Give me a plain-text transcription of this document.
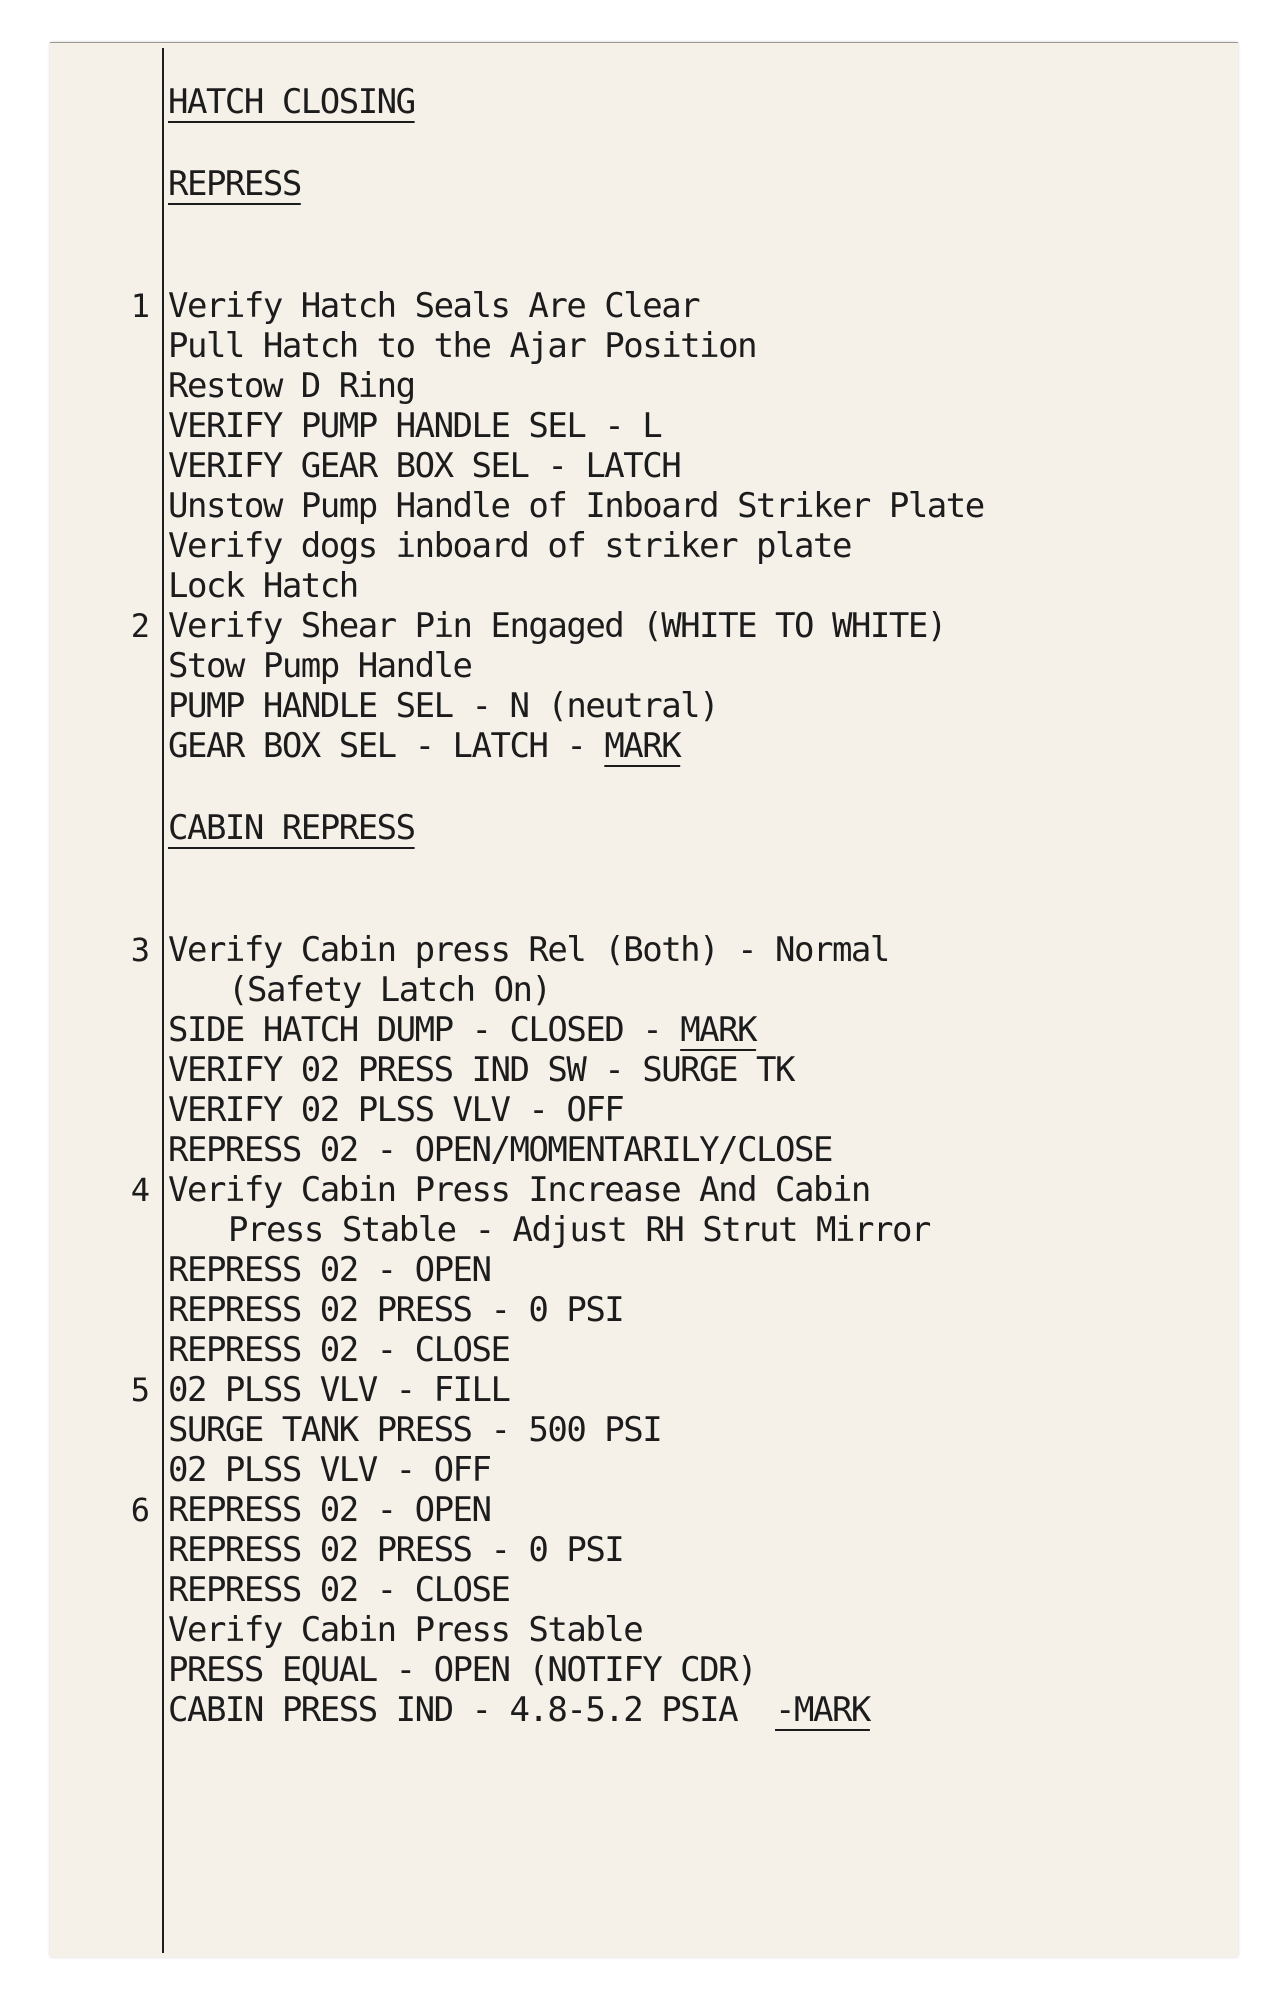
HATCH CLOSING
REPRESS
1 Verify Hatch Seals Are Clear
Pull Hatch to the Ajar Position
Restow D Ring
VERIFY PUMP HANDLE SEL - L
VERIFY GEAR BOX SEL - LATCH
Unstow Pump Handle of Inboard Striker Plate
Verify dogs inboard of striker plate
Lock Hatch
2 Verify Shear Pin Engaged (WHITE TO WHITE)
Stow Pump Handle
PUMP HANDLE SEL - N (neutral)
GEAR BOX SEL - LATCH - MARK
CABIN REPRESS
3 Verify Cabin press Rel (Both) - Normal
(Safety Latch On)
SIDE HATCH DUMP - CLOSED - MARK
VERIFY 02 PRESS IND SW - SURGE TK
VERIFY 02 PLSS VLV - OFF
REPRESS 02 - OPEN/MOMENTARILY/CLOSE
4 Verify Cabin Press Increase And Cabin
Press Stable - Adjust RH Strut Mirror
REPRESS 02 - OPEN
REPRESS 02 PRESS - 0 PSI
REPRESS 02 - CLOSE
5 02 PLSS VLV - FILL
SURGE TANK PRESS - 500 PSI
02 PLSS VLV - OFF
6 REPRESS 02 - OPEN
REPRESS 02 PRESS - 0 PSI
REPRESS 02 - CLOSE
Verify Cabin Press Stable
PRESS EQUAL - OPEN (NOTIFY CDR)
CABIN PRESS IND - 4.8-5.2 PSIA  -MARK
